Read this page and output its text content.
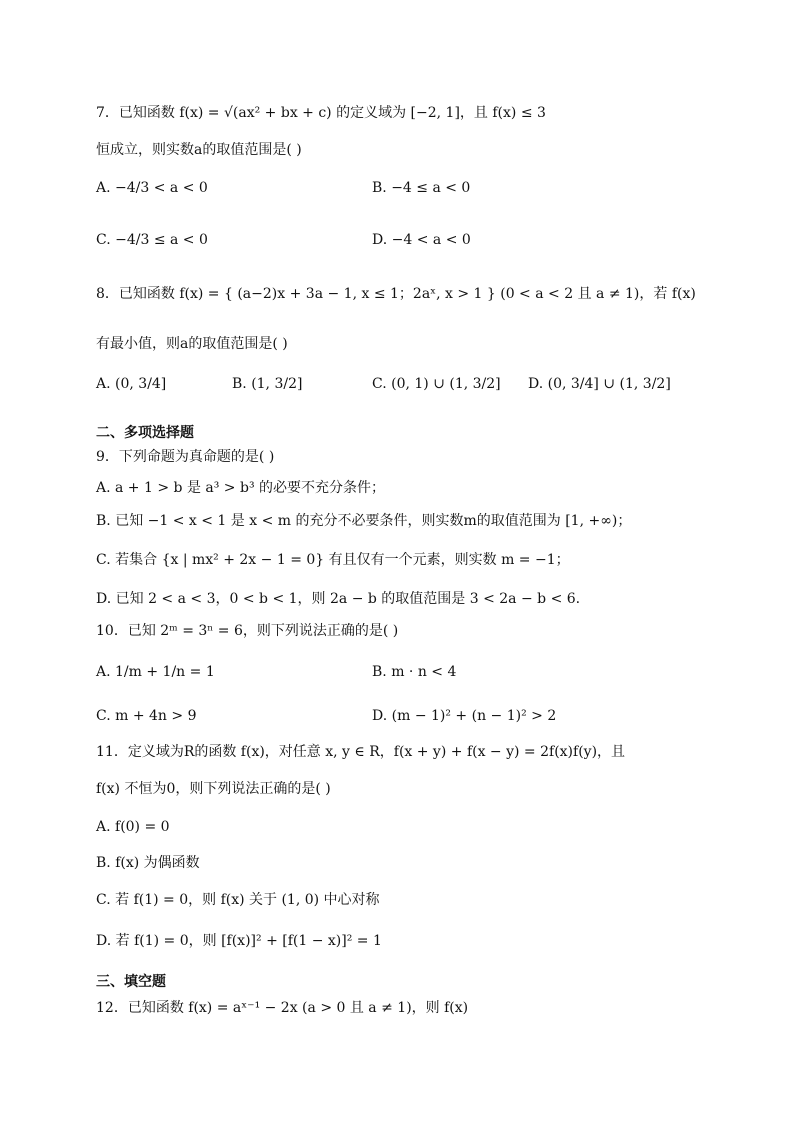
7．已知函数 f(x) = √(ax² + bx + c) 的定义域为 [−2, 1]，且 f(x) ≤ 3
恒成立，则实数a的取值范围是( )
A. −4/3 < a < 0	B. −4 ≤ a < 0
C. −4/3 ≤ a < 0	D. −4 < a < 0
8．已知函数 f(x) = { (a−2)x + 3a − 1, x ≤ 1；2aˣ, x > 1 } (0 < a < 2 且 a ≠ 1)，若 f(x)
有最小值，则a的取值范围是( )
A. (0, 3/4]	B. (1, 3/2]	C. (0, 1) ∪ (1, 3/2] D. (0, 3/4] ∪ (1, 3/2]
二、多项选择题
9．下列命题为真命题的是( )
A. a + 1 > b 是 a³ > b³ 的必要不充分条件；
B. 已知 −1 < x < 1 是 x < m 的充分不必要条件，则实数m的取值范围为 [1, +∞)；
C. 若集合 {x | mx² + 2x − 1 = 0} 有且仅有一个元素，则实数 m = −1；
D. 已知 2 < a < 3，0 < b < 1，则 2a − b 的取值范围是 3 < 2a − b < 6.
10．已知 2ᵐ = 3ⁿ = 6，则下列说法正确的是( )
A. 1/m + 1/n = 1	B. m · n < 4
C. m + 4n > 9	D. (m − 1)² + (n − 1)² > 2
11．定义域为R的函数 f(x)，对任意 x, y ∈ R，f(x + y) + f(x − y) = 2f(x)f(y)，且
f(x) 不恒为0，则下列说法正确的是( )
A. f(0) = 0
B. f(x) 为偶函数
C. 若 f(1) = 0，则 f(x) 关于 (1, 0) 中心对称
D. 若 f(1) = 0，则 [f(x)]² + [f(1 − x)]² = 1
三、填空题
12．已知函数 f(x) = aˣ⁻¹ − 2x (a > 0 且 a ≠ 1)，则 f(x)
